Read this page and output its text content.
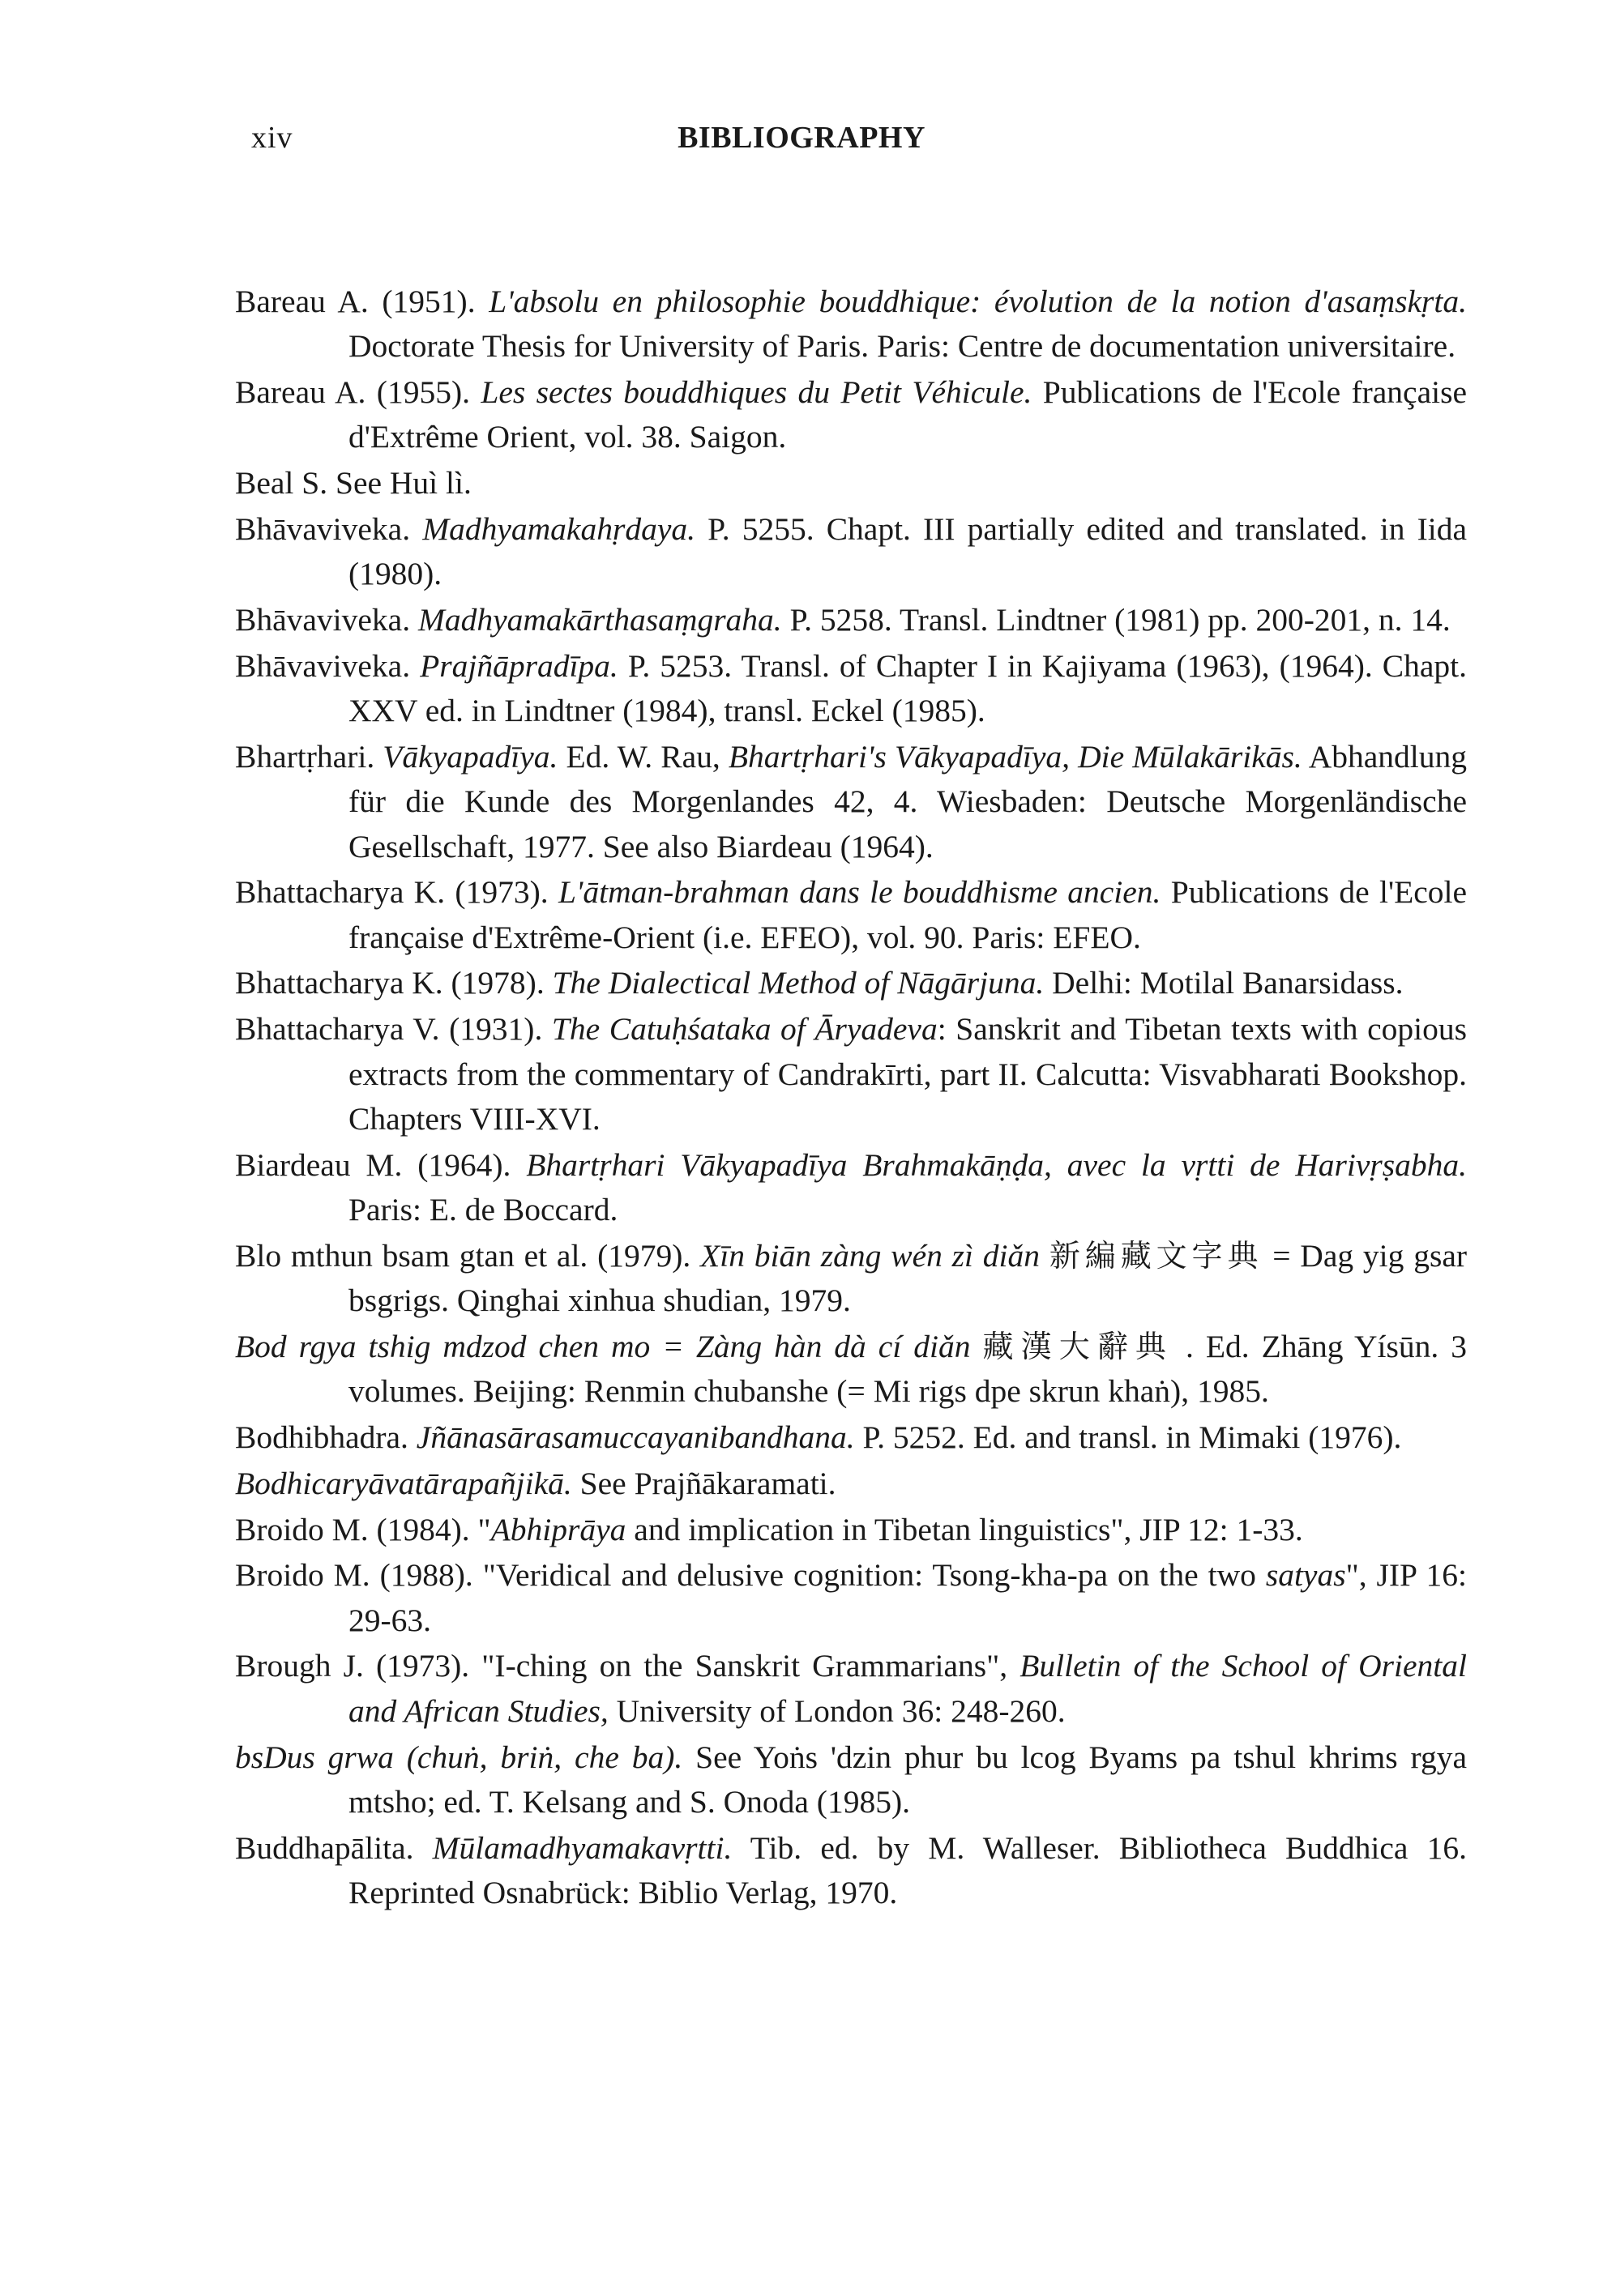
xiv	BIBLIOGRAPHY
Bareau A. (1951). L'absolu en philosophie bouddhique: évolution de la notion d'asaṃskṛta. Doctorate Thesis for University of Paris. Paris: Centre de documentation universitaire.
Bareau A. (1955). Les sectes bouddhiques du Petit Véhicule. Publications de l'Ecole française d'Extrême Orient, vol. 38. Saigon.
Beal S. See Huì lì.
Bhāvaviveka. Madhyamakahṛdaya. P. 5255. Chapt. III partially edited and translated. in Iida (1980).
Bhāvaviveka. Madhyamakārthasaṃgraha. P. 5258. Transl. Lindtner (1981) pp. 200-201, n. 14.
Bhāvaviveka. Prajñāpradīpa. P. 5253. Transl. of Chapter I in Kajiyama (1963), (1964). Chapt. XXV ed. in Lindtner (1984), transl. Eckel (1985).
Bhartṛhari. Vākyapadīya. Ed. W. Rau, Bhartṛhari's Vākyapadīya, Die Mūlakārikās. Abhandlung für die Kunde des Morgenlandes 42, 4. Wiesbaden: Deutsche Morgenländische Gesellschaft, 1977. See also Biardeau (1964).
Bhattacharya K. (1973). L'ātman-brahman dans le bouddhisme ancien. Publications de l'Ecole française d'Extrême-Orient (i.e. EFEO), vol. 90. Paris: EFEO.
Bhattacharya K. (1978). The Dialectical Method of Nāgārjuna. Delhi: Motilal Banarsidass.
Bhattacharya V. (1931). The Catuḥśataka of Āryadeva: Sanskrit and Tibetan texts with copious extracts from the commentary of Candrakīrti, part II. Calcutta: Visvabharati Bookshop. Chapters VIII-XVI.
Biardeau M. (1964). Bhartṛhari Vākyapadīya Brahmakāṇḍa, avec la vṛtti de Harivṛṣabha. Paris: E. de Boccard.
Blo mthun bsam gtan et al. (1979). Xīn biān zàng wén zì diǎn 新編藏文字典 = Dag yig gsar bsgrigs. Qinghai xinhua shudian, 1979.
Bod rgya tshig mdzod chen mo = Zàng hàn dà cí diǎn 藏漢大辭典 . Ed. Zhāng Yísūn. 3 volumes. Beijing: Renmin chubanshe (= Mi rigs dpe skrun khaṅ), 1985.
Bodhibhadra. Jñānasārasamuccayanibandhana. P. 5252. Ed. and transl. in Mimaki (1976).
Bodhicaryāvatārapañjikā. See Prajñākaramati.
Broido M. (1984). "Abhiprāya and implication in Tibetan linguistics", JIP 12: 1-33.
Broido M. (1988). "Veridical and delusive cognition: Tsong-kha-pa on the two satyas", JIP 16: 29-63.
Brough J. (1973). "I-ching on the Sanskrit Grammarians", Bulletin of the School of Oriental and African Studies, University of London 36: 248-260.
bsDus grwa (chuṅ, briṅ, che ba). See Yoṅs 'dzin phur bu lcog Byams pa tshul khrims rgya mtsho; ed. T. Kelsang and S. Onoda (1985).
Buddhapālita. Mūlamadhyamakavṛtti. Tib. ed. by M. Walleser. Bibliotheca Buddhica 16. Reprinted Osnabrück: Biblio Verlag, 1970.
